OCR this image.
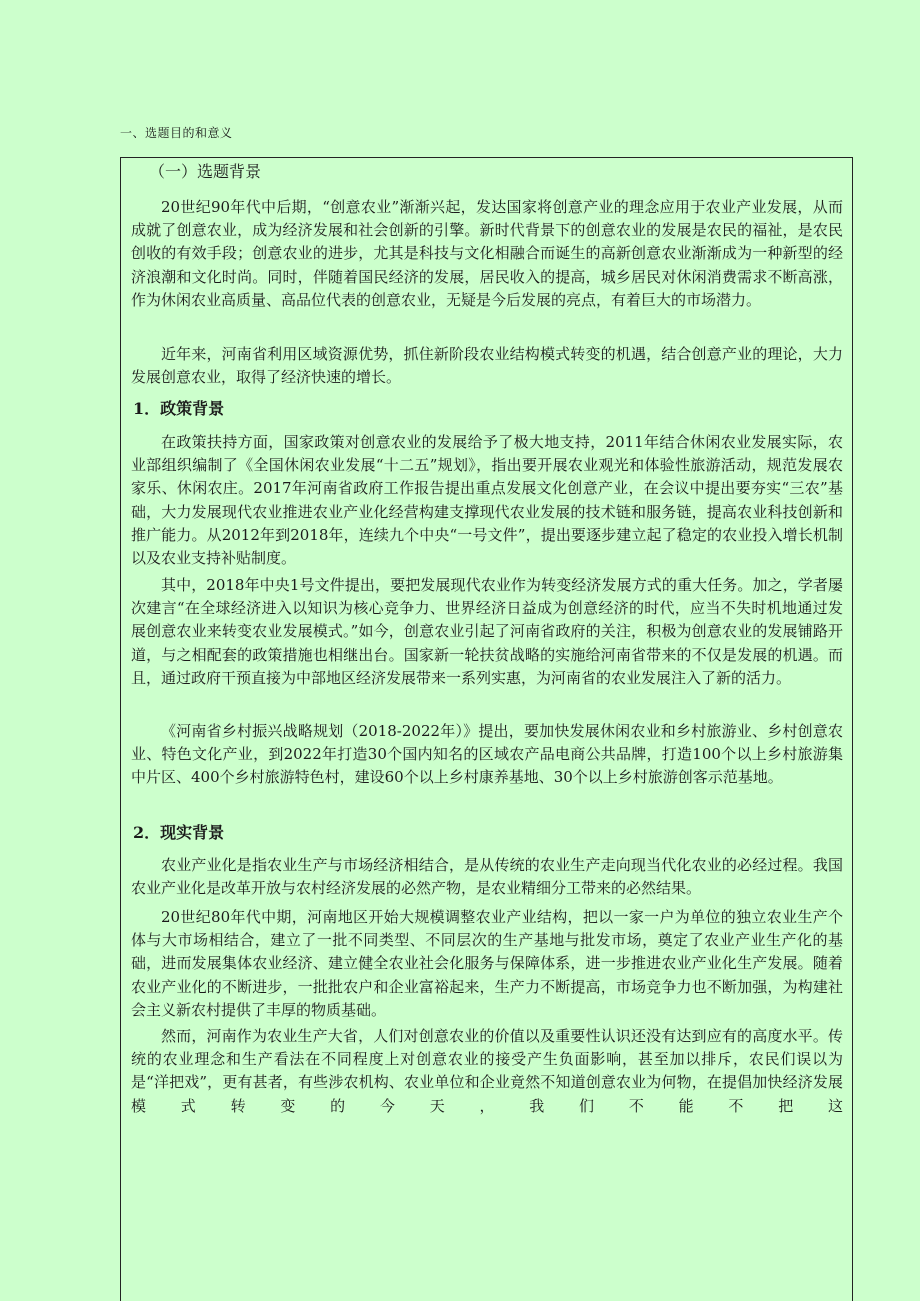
一、选题目的和意义
（一）选题背景

20世纪90年代中后期，“创意农业”渐渐兴起，发达国家将创意产业的理念应用于农业产业发展，从而成就了创意农业，成为经济发展和社会创新的引擎。新时代背景下的创意农业的发展是农民的福祉，是农民创收的有效手段；创意农业的进步，尤其是科技与文化相融合而诞生的高新创意农业渐渐成为一种新型的经济浪潮和文化时尚。同时，伴随着国民经济的发展，居民收入的提高，城乡居民对休闲消费需求不断高涨，作为休闲农业高质量、高品位代表的创意农业，无疑是今后发展的亮点，有着巨大的市场潜力。

近年来，河南省利用区域资源优势，抓住新阶段农业结构模式转变的机遇，结合创意产业的理论，大力发展创意农业，取得了经济快速的增长。

1．政策背景

在政策扶持方面，国家政策对创意农业的发展给予了极大地支持，2011年结合休闲农业发展实际，农业部组织编制了《全国休闲农业发展“十二五”规划》，指出要开展农业观光和体验性旅游活动，规范发展农家乐、休闲农庄。2017年河南省政府工作报告提出重点发展文化创意产业，在会议中提出要夯实“三农”基础，大力发展现代农业推进农业产业化经营构建支撑现代农业发展的技术链和服务链，提高农业科技创新和推广能力。从2012年到2018年，连续九个中央“一号文件”，提出要逐步建立起了稳定的农业投入增长机制以及农业支持补贴制度。

其中，2018年中央1号文件提出，要把发展现代农业作为转变经济发展方式的重大任务。加之，学者屡次建言“在全球经济进入以知识为核心竞争力、世界经济日益成为创意经济的时代，应当不失时机地通过发展创意农业来转变农业发展模式。”如今，创意农业引起了河南省政府的关注，积极为创意农业的发展铺路开道，与之相配套的政策措施也相继出台。国家新一轮扶贫战略的实施给河南省带来的不仅是发展的机遇。而且，通过政府干预直接为中部地区经济发展带来一系列实惠，为河南省的农业发展注入了新的活力。

《河南省乡村振兴战略规划（2018-2022年）》提出，要加快发展休闲农业和乡村旅游业、乡村创意农业、特色文化产业，到2022年打造30个国内知名的区域农产品电商公共品牌，打造100个以上乡村旅游集中片区、400个乡村旅游特色村，建设60个以上乡村康养基地、30个以上乡村旅游创客示范基地。

2．现实背景

农业产业化是指农业生产与市场经济相结合，是从传统的农业生产走向现当代化农业的必经过程。我国农业产业化是改革开放与农村经济发展的必然产物，是农业精细分工带来的必然结果。

20世纪80年代中期，河南地区开始大规模调整农业产业结构，把以一家一户为单位的独立农业生产个体与大市场相结合，建立了一批不同类型、不同层次的生产基地与批发市场，奠定了农业产业生产化的基础，进而发展集体农业经济、建立健全农业社会化服务与保障体系，进一步推进农业产业化生产发展。随着农业产业化的不断进步，一批批农户和企业富裕起来，生产力不断提高，市场竞争力也不断加强，为构建社会主义新农村提供了丰厚的物质基础。

然而，河南作为农业生产大省，人们对创意农业的价值以及重要性认识还没有达到应有的高度水平。传统的农业理念和生产看法在不同程度上对创意农业的接受产生负面影响，甚至加以排斥，农民们误以为是“洋把戏”，更有甚者，有些涉农机构、农业单位和企业竟然不知道创意农业为何物，在提倡加快经济发展模式转变的今天，我们不能不把这
